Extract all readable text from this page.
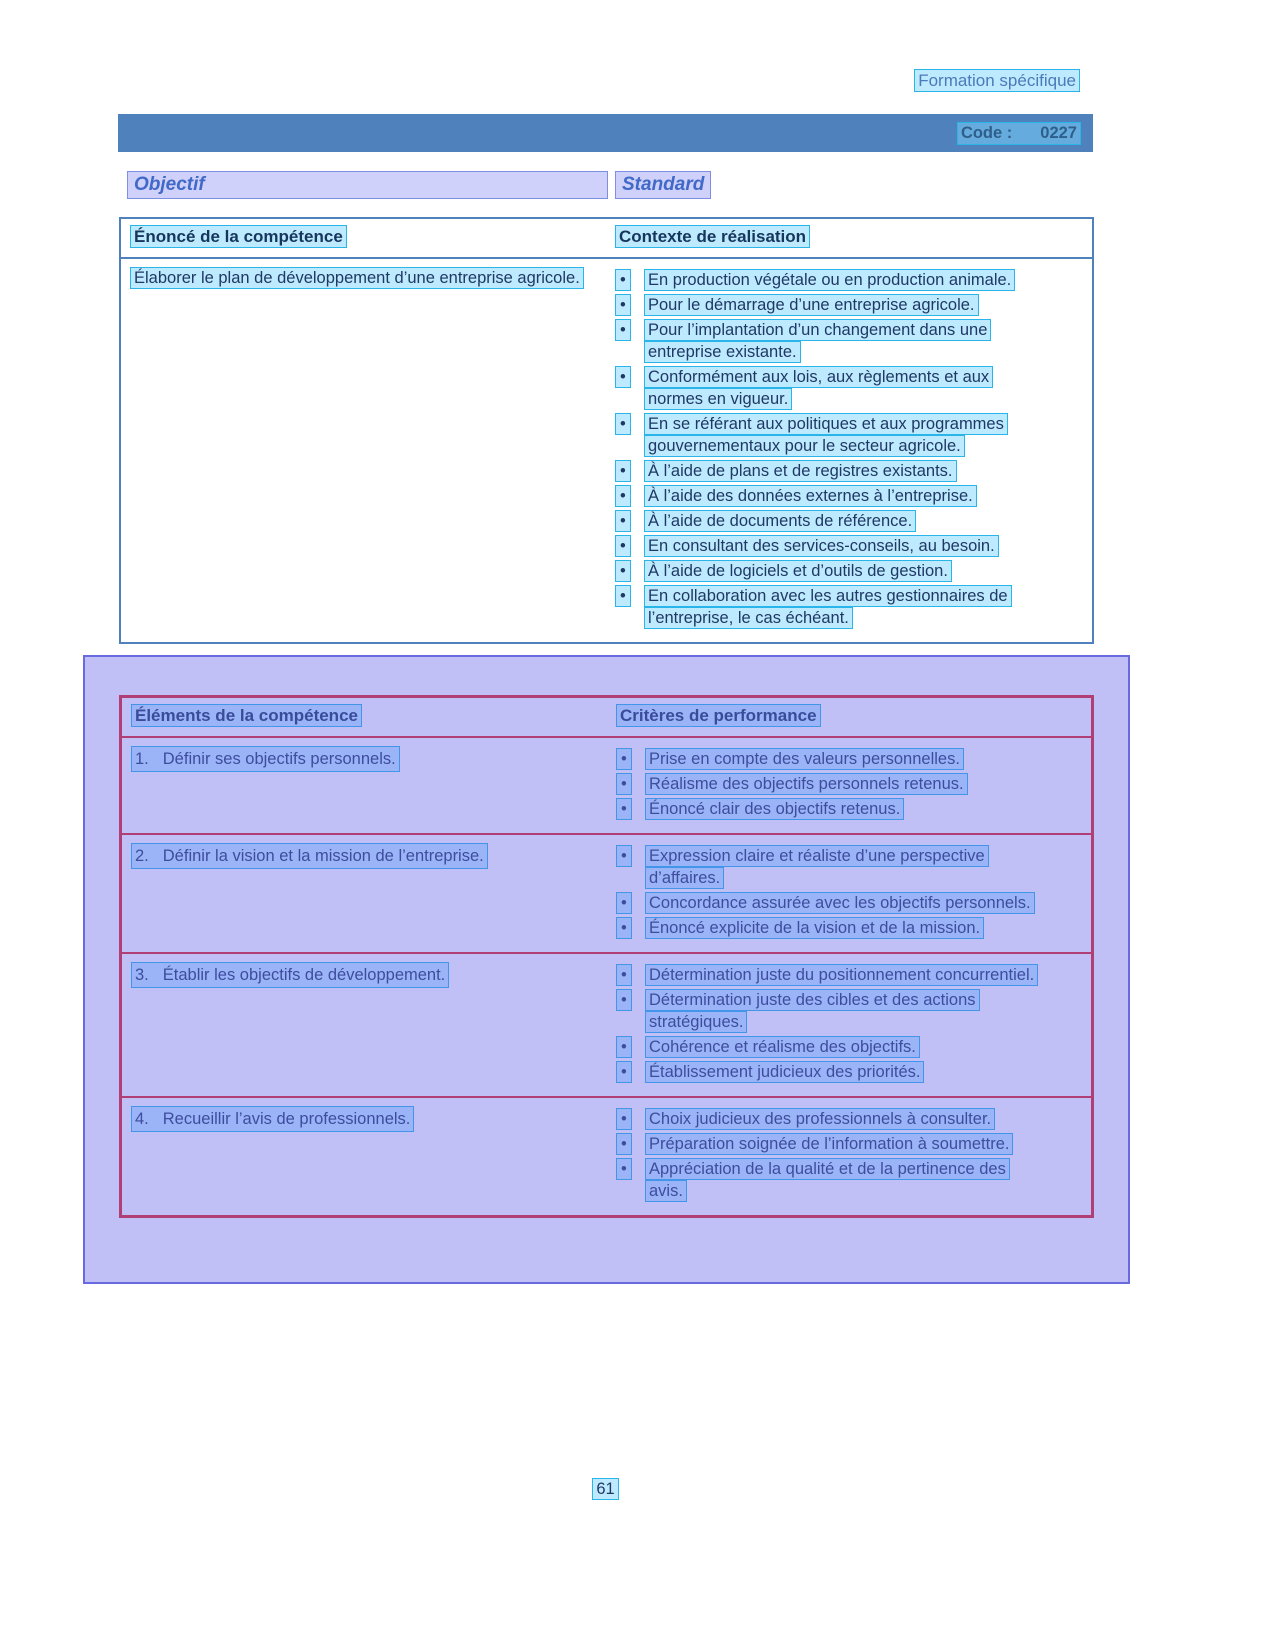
Formation spécifique
Code : 0227
Objectif	Standard
Énoncé de la compétence	Contexte de réalisation
Élaborer le plan de développement d’une entreprise agricole.	• En production végétale ou en production animale.
• Pour le démarrage d’une entreprise agricole.
• Pour l’implantation d’un changement dans une entreprise existante.
• Conformément aux lois, aux règlements et aux normes en vigueur.
• En se référant aux politiques et aux programmes gouvernementaux pour le secteur agricole.
• À l’aide de plans et de registres existants.
• À l’aide des données externes à l’entreprise.
• À l’aide de documents de référence.
• En consultant des services-conseils, au besoin.
• À l’aide de logiciels et d’outils de gestion.
• En collaboration avec les autres gestionnaires de l’entreprise, le cas échéant.
Éléments de la compétence	Critères de performance
1. Définir ses objectifs personnels.	• Prise en compte des valeurs personnelles.
• Réalisme des objectifs personnels retenus.
• Énoncé clair des objectifs retenus.
2. Définir la vision et la mission de l’entreprise.	• Expression claire et réaliste d’une perspective d’affaires.
• Concordance assurée avec les objectifs personnels.
• Énoncé explicite de la vision et de la mission.
3. Établir les objectifs de développement.	• Détermination juste du positionnement concurrentiel.
• Détermination juste des cibles et des actions stratégiques.
• Cohérence et réalisme des objectifs.
• Établissement judicieux des priorités.
4. Recueillir l’avis de professionnels.	• Choix judicieux des professionnels à consulter.
• Préparation soignée de l’information à soumettre.
• Appréciation de la qualité et de la pertinence des avis.
61
